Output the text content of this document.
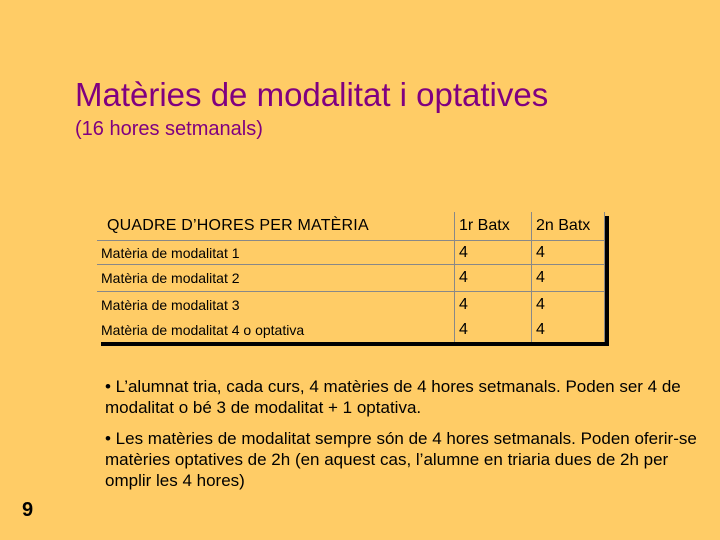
Matèries de modalitat i optatives
(16 hores setmanals)
QUADRE D’HORES PER MATÈRIA	1r Batx	2n Batx
Matèria de modalitat 1	4	4
Matèria de modalitat 2	4	4
Matèria de modalitat 3	4	4
Matèria de modalitat 4 o optativa	4	4
• L’alumnat tria, cada curs, 4 matèries de 4 hores setmanals. Poden ser 4 de modalitat o bé 3 de modalitat + 1 optativa.
• Les matèries de modalitat sempre són de 4 hores setmanals. Poden oferir-se matèries optatives de 2h (en aquest cas, l’alumne en triaria dues de 2h per omplir les 4 hores)
9
